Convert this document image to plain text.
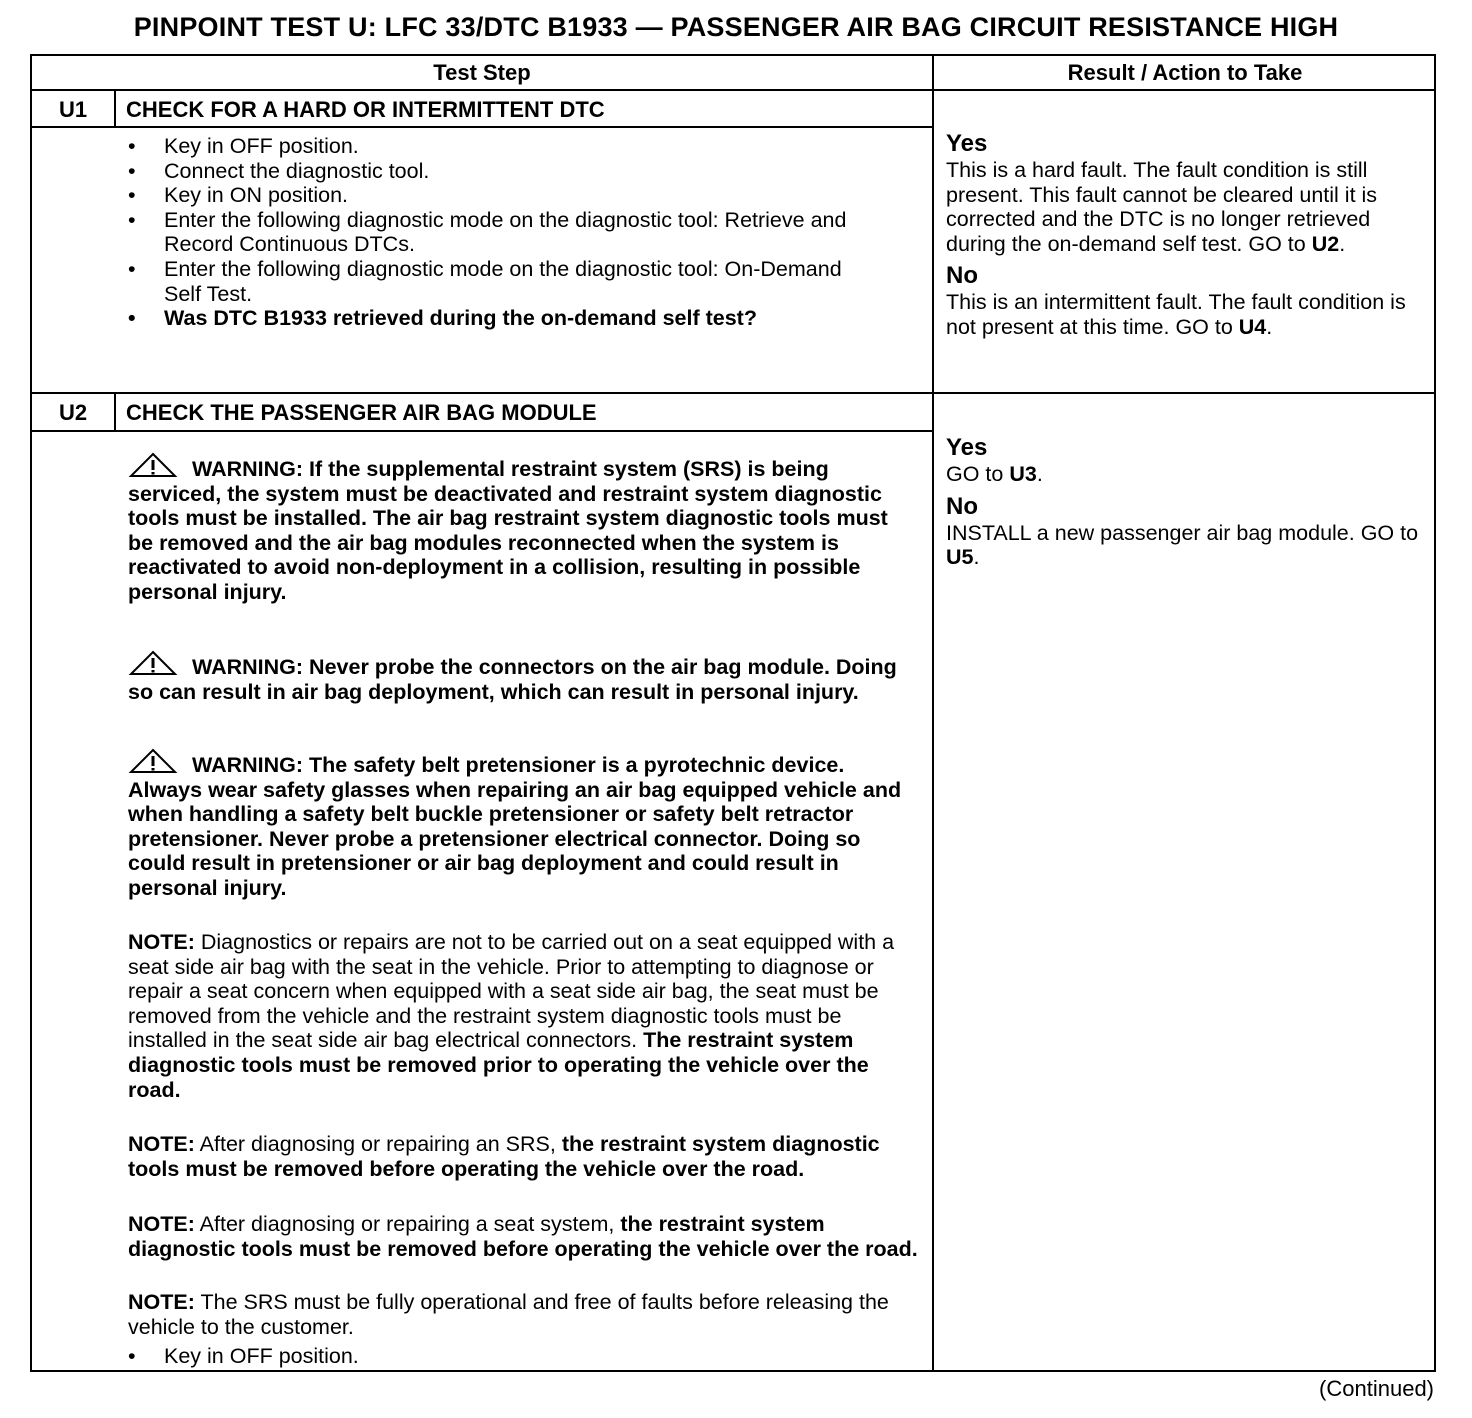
PINPOINT TEST U: LFC 33/DTC B1933 — PASSENGER AIR BAG CIRCUIT RESISTANCE HIGH
Test Step	Result / Action to Take
U1	CHECK FOR A HARD OR INTERMITTENT DTC
• Key in OFF position.
• Connect the diagnostic tool.
• Key in ON position.
• Enter the following diagnostic mode on the diagnostic tool: Retrieve and Record Continuous DTCs.
• Enter the following diagnostic mode on the diagnostic tool: On-Demand Self Test.
• Was DTC B1933 retrieved during the on-demand self test?

Yes
This is a hard fault. The fault condition is still present. This fault cannot be cleared until it is corrected and the DTC is no longer retrieved during the on-demand self test. GO to U2.

No
This is an intermittent fault. The fault condition is not present at this time. GO to U4.

U2	CHECK THE PASSENGER AIR BAG MODULE
WARNING: If the supplemental restraint system (SRS) is being serviced, the system must be deactivated and restraint system diagnostic tools must be installed. The air bag restraint system diagnostic tools must be removed and the air bag modules reconnected when the system is reactivated to avoid non-deployment in a collision, resulting in possible personal injury.
WARNING: Never probe the connectors on the air bag module. Doing so can result in air bag deployment, which can result in personal injury.
WARNING: The safety belt pretensioner is a pyrotechnic device. Always wear safety glasses when repairing an air bag equipped vehicle and when handling a safety belt buckle pretensioner or safety belt retractor pretensioner. Never probe a pretensioner electrical connector. Doing so could result in pretensioner or air bag deployment and could result in personal injury.
NOTE: Diagnostics or repairs are not to be carried out on a seat equipped with a seat side air bag with the seat in the vehicle. Prior to attempting to diagnose or repair a seat concern when equipped with a seat side air bag, the seat must be removed from the vehicle and the restraint system diagnostic tools must be installed in the seat side air bag electrical connectors. The restraint system diagnostic tools must be removed prior to operating the vehicle over the road.
NOTE: After diagnosing or repairing an SRS, the restraint system diagnostic tools must be removed before operating the vehicle over the road.
NOTE: After diagnosing or repairing a seat system, the restraint system diagnostic tools must be removed before operating the vehicle over the road.
NOTE: The SRS must be fully operational and free of faults before releasing the vehicle to the customer.
• Key in OFF position.

Yes
GO to U3.

No
INSTALL a new passenger air bag module. GO to U5.

(Continued)
